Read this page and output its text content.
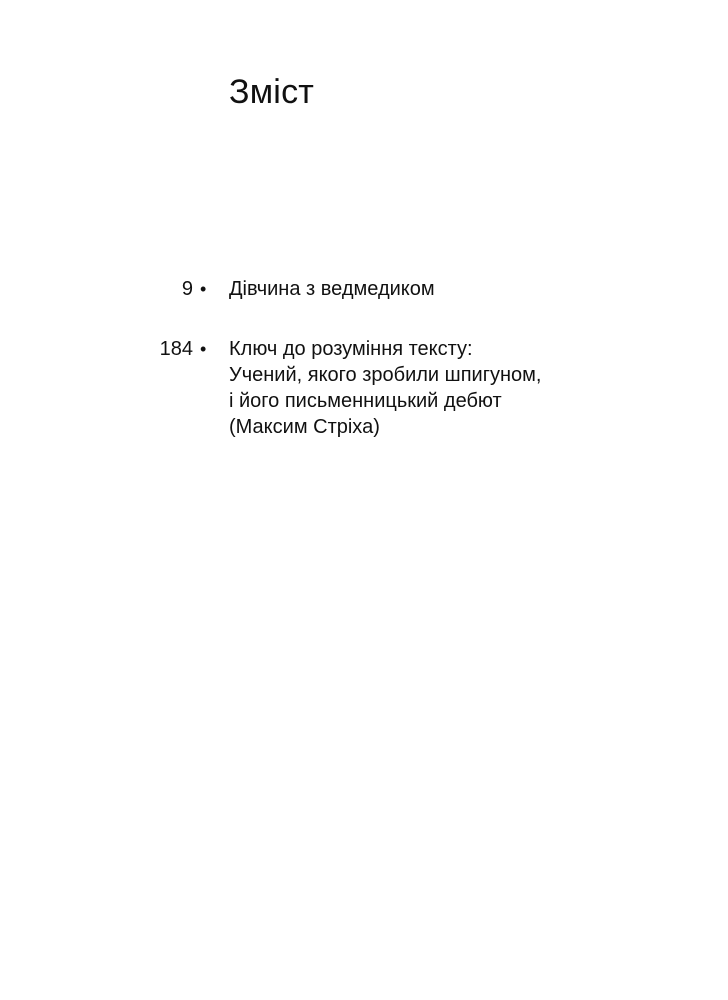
Зміст
9 • Дівчина з ведмедиком
184 • Ключ до розуміння тексту:
Учений, якого зробили шпигуном,
і його письменницький дебют
(Максим Стріха)
